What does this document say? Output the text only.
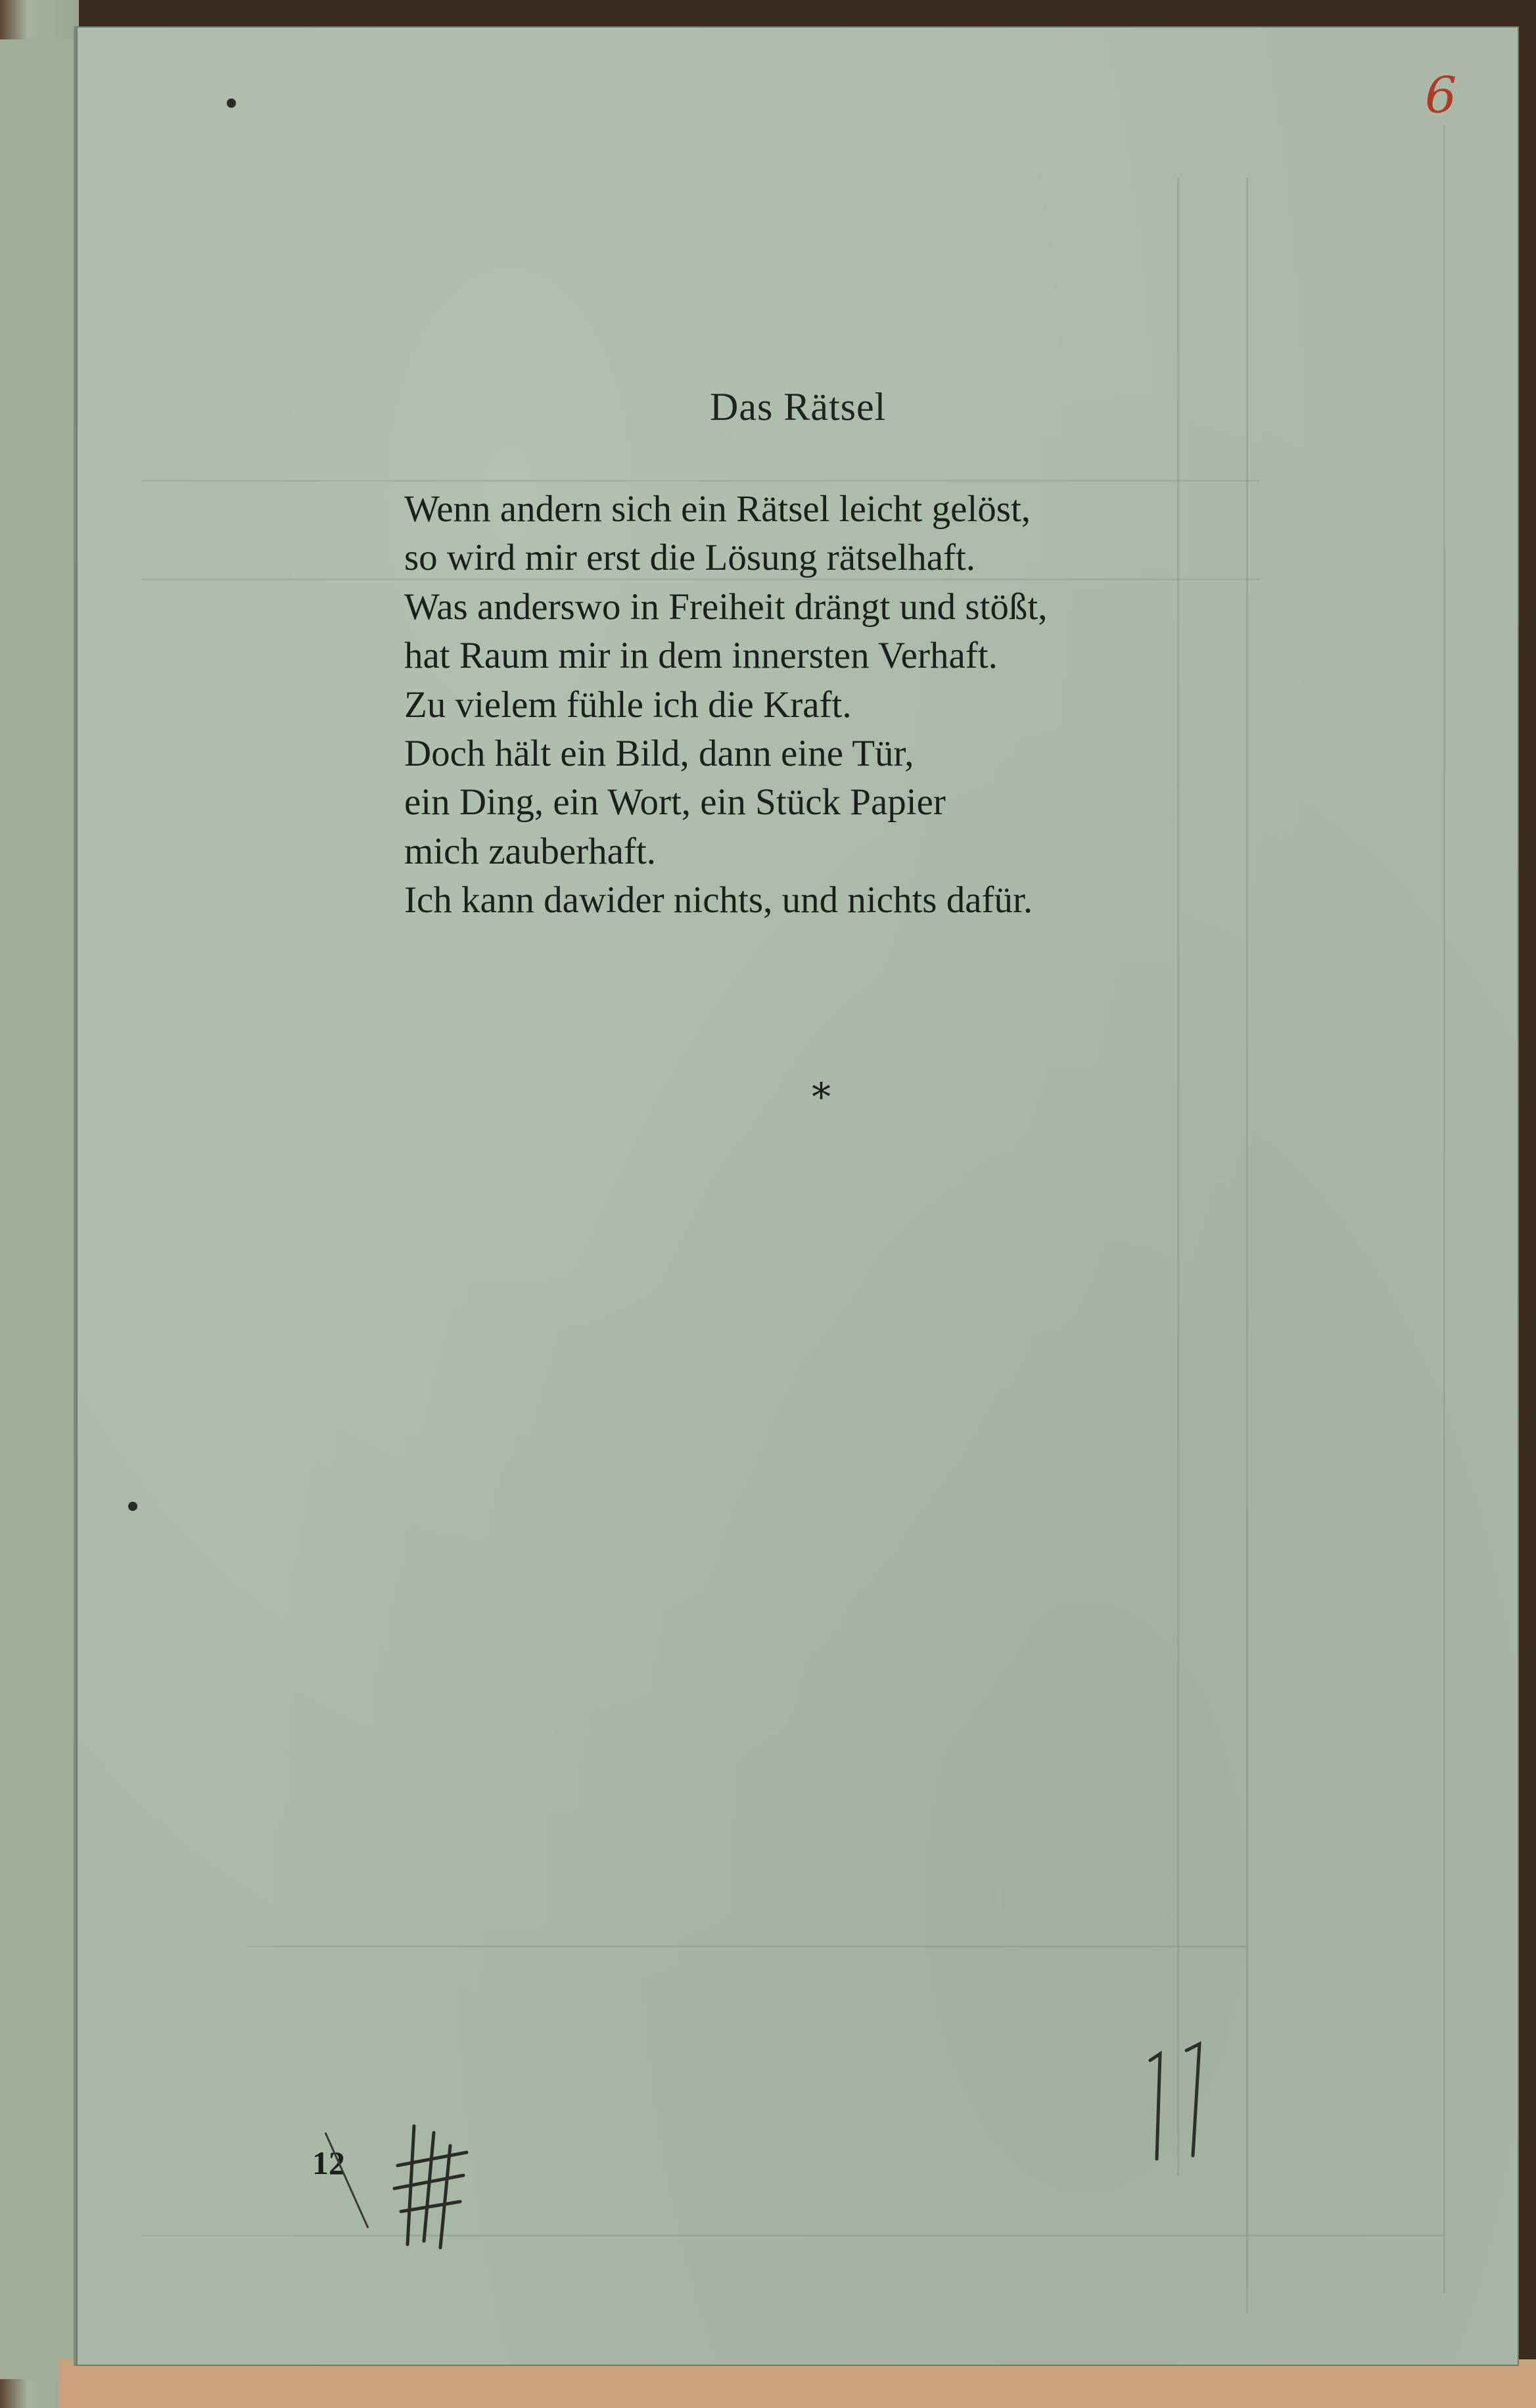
6
Das Rätsel
Wenn andern sich ein Rätsel leicht gelöst,
so wird mir erst die Lösung rätselhaft.
Was anderswo in Freiheit drängt und stößt,
hat Raum mir in dem innersten Verhaft.
Zu vielem fühle ich die Kraft.
Doch hält ein Bild, dann eine Tür,
ein Ding, ein Wort, ein Stück Papier
mich zauberhaft.
Ich kann dawider nichts, und nichts dafür.
*
12
